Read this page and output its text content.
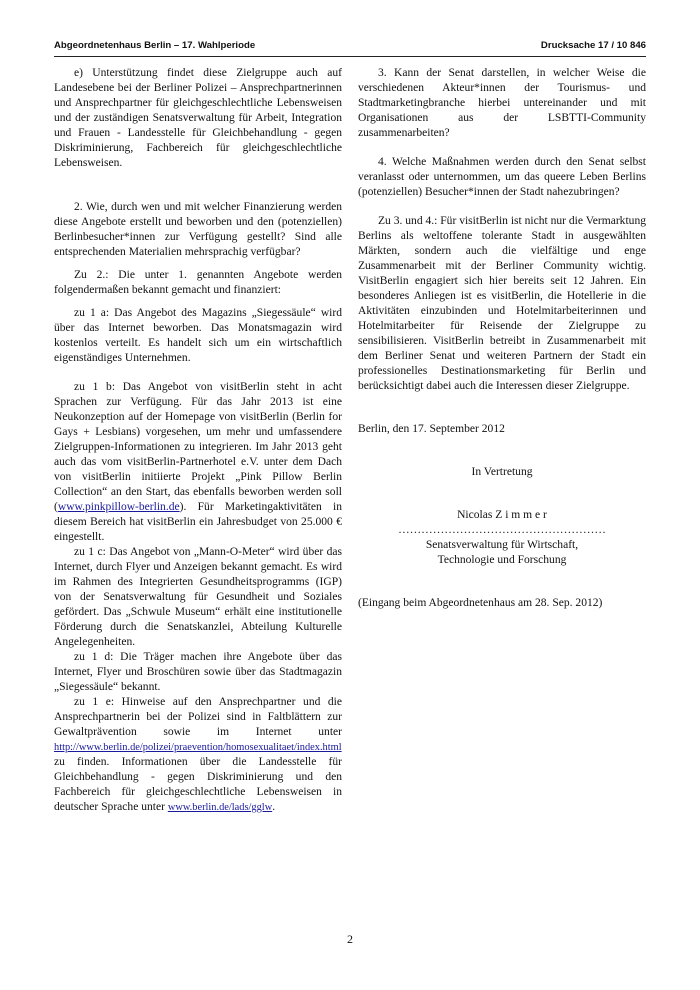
Abgeordnetenhaus Berlin – 17. Wahlperiode	Drucksache 17 / 10 846

e) Unterstützung findet diese Zielgruppe auch auf Landesebene bei der Berliner Polizei – Ansprechpartnerinnen und Ansprechpartner für gleichgeschlechtliche Lebensweisen und der zuständigen Senatsverwaltung für Arbeit, Integration und Frauen - Landesstelle für Gleichbehandlung - gegen Diskriminierung, Fachbereich für gleichgeschlechtliche Lebensweisen.

2. Wie, durch wen und mit welcher Finanzierung werden diese Angebote erstellt und beworben und den (potenziellen) Berlinbesucher*innen zur Verfügung gestellt? Sind alle entsprechenden Materialien mehrsprachig verfügbar?

Zu 2.: Die unter 1. genannten Angebote werden folgendermaßen bekannt gemacht und finanziert:

zu 1 a: Das Angebot des Magazins „Siegessäule“ wird über das Internet beworben. Das Monatsmagazin wird kostenlos verteilt. Es handelt sich um ein wirtschaftlich eigenständiges Unternehmen.

zu 1 b: Das Angebot von visitBerlin steht in acht Sprachen zur Verfügung. Für das Jahr 2013 ist eine Neukonzeption auf der Homepage von visitBerlin (Berlin for Gays + Lesbians) vorgesehen, um mehr und umfassendere Zielgruppen-Informationen zu integrieren. Im Jahr 2013 geht auch das vom visitBerlin-Partnerhotel e.V. unter dem Dach von visitBerlin initiierte Projekt „Pink Pillow Berlin Collection“ an den Start, das ebenfalls beworben werden soll (www.pinkpillow-berlin.de). Für Marketingaktivitäten in diesem Bereich hat visitBerlin ein Jahresbudget von 25.000 € eingestellt.

zu 1 c: Das Angebot von „Mann-O-Meter“ wird über das Internet, durch Flyer und Anzeigen bekannt gemacht. Es wird im Rahmen des Integrierten Gesundheitsprogramms (IGP) von der Senatsverwaltung für Gesundheit und Soziales gefördert. Das „Schwule Museum“ erhält eine institutionelle Förderung durch die Senatskanzlei, Abteilung Kulturelle Angelegenheiten.

zu 1 d: Die Träger machen ihre Angebote über das Internet, Flyer und Broschüren sowie über das Stadtmagazin „Siegessäule“ bekannt.

zu 1 e: Hinweise auf den Ansprechpartner und die Ansprechpartnerin bei der Polizei sind in Faltblättern zur Gewaltprävention sowie im Internet unter http://www.berlin.de/polizei/praevention/homosexualitaet/index.html zu finden. Informationen über die Landesstelle für Gleichbehandlung - gegen Diskriminierung und den Fachbereich für gleichgeschlechtliche Lebensweisen in deutscher Sprache unter www.berlin.de/lads/gglw.

3. Kann der Senat darstellen, in welcher Weise die verschiedenen Akteur*innen der Tourismus- und Stadtmarketingbranche hierbei untereinander und mit Organisationen aus der LSBTTI-Community zusammenarbeiten?

4. Welche Maßnahmen werden durch den Senat selbst veranlasst oder unternommen, um das queere Leben Berlins (potenziellen) Besucher*innen der Stadt nahezubringen?

Zu 3. und 4.: Für visitBerlin ist nicht nur die Vermarktung Berlins als weltoffene tolerante Stadt in ausgewählten Märkten, sondern auch die vielfältige und enge Zusammenarbeit mit der Berliner Community wichtig. VisitBerlin engagiert sich hier bereits seit 12 Jahren. Ein besonderes Anliegen ist es visitBerlin, die Hotellerie in die Aktivitäten einzubinden und Hotelmitarbeiterinnen und Hotelmitarbeiter für Reisende der Zielgruppe zu sensibilisieren. VisitBerlin betreibt in Zusammenarbeit mit dem Berliner Senat und weiteren Partnern der Stadt ein professionelles Destinationsmarketing für Berlin und berücksichtigt dabei auch die Interessen dieser Zielgruppe.

Berlin, den 17. September 2012

In Vertretung

Nicolas Z i m m e r

………………………………………………

Senatsverwaltung für Wirtschaft,

Technologie und Forschung

(Eingang beim Abgeordnetenhaus am 28. Sep. 2012)

2
